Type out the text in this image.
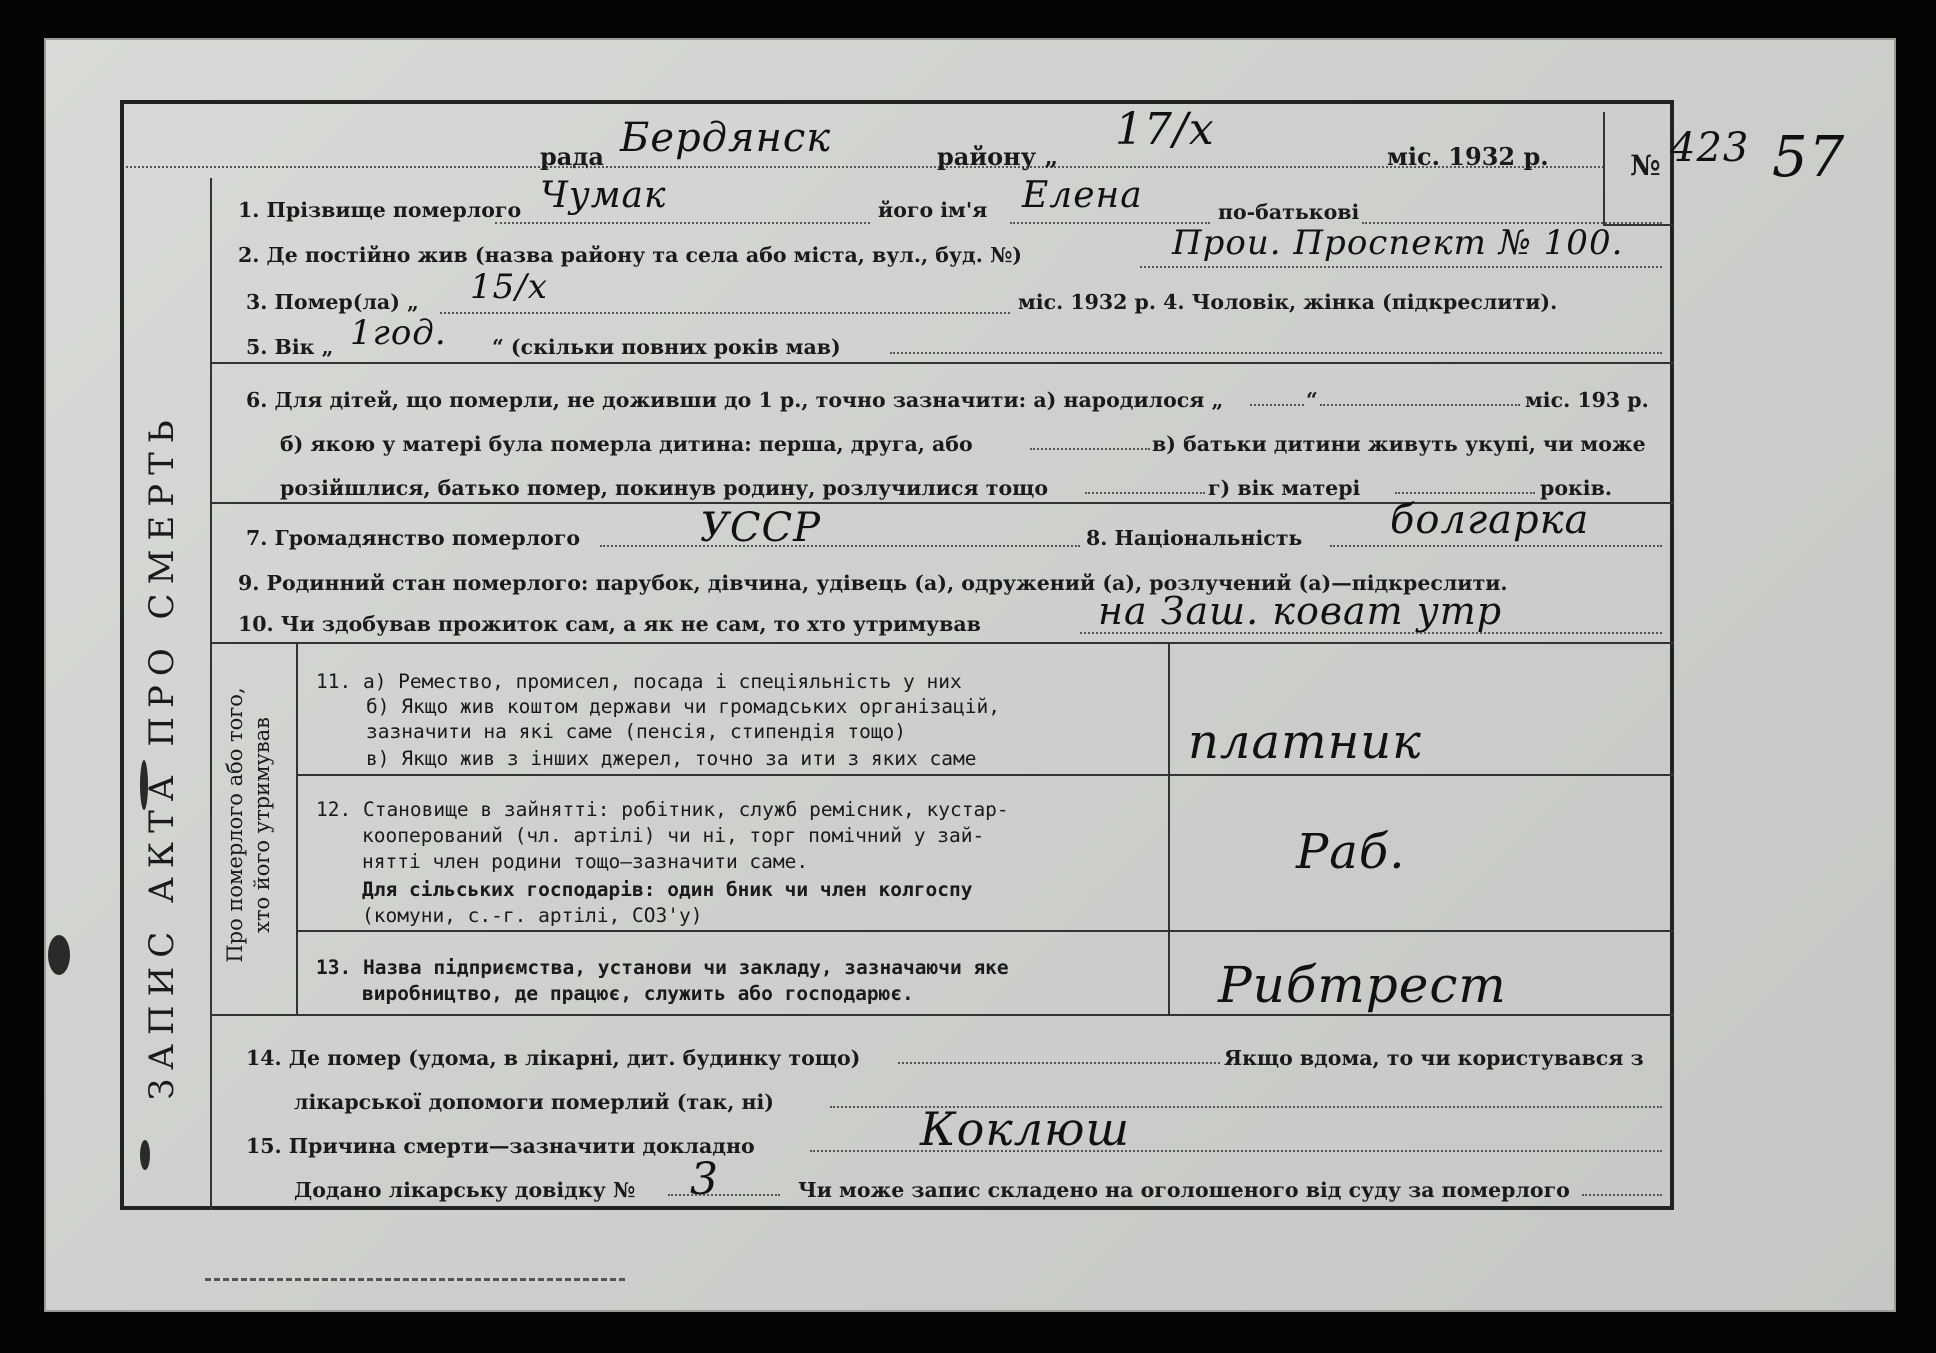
ЗАПИС АКТА ПРО СМЕРТЬ Про померлого або того, хто його утримував
рада Бердянск	району „
17/x
міс. 1932 р.	№ 423 57
1. Прізвище померлого Чумак	його ім'я Елена	по-батькові
2. Де постійно жив (назва району та села або міста, вул., буд. №)	Прои. Проспект № 100.
3. Помер(ла) „ 15/x	міс. 1932 р. 4. Чоловік, жінка (підкреслити).
5. Вік „ 1год. “ (скільки повних років мав)
6. Для дітей, що померли, не доживши до 1 р., точно зазначити: а) народилося „	“	міс. 193 р.
б) якою у матері була померла дитина: перша, друга, або	в) батьки дитини живуть укупі, чи може
розійшлися, батько помер, покинув родину, розлучилися тощо	г) вік матері	років.
7. Громадянство померлого	УССР	8. Національність болгарка
9. Родинний стан померлого: парубок, дівчина, удівець (а), одружений (а), розлучений (а)—підкреслити.
10. Чи здобував прожиток сам, а як не сам, то хто утримував	на Заш. коват утр
11. а) Ремество, промисел, посада і спеціяльність у них
б) Якщо жив коштом держави чи громадських організацій,
зазначити на які саме (пенсія, стипендія тощо)
в) Якщо жив з інших джерел, точно за ити з яких саме	платник
12. Становище в зайнятті: робітник, служб ремісник, кустар-
кооперований (чл. артілі) чи ні, торг помічний у зай-
нятті член родини тощо—зазначити саме.
Для сільських господарів: один бник чи член колгоспу
(комуни, с.-г. артілі, СОЗ'у)
Раб.
13. Назва підприємства, установи чи закладу, зазначаючи яке
виробництво, де працює, служить або господарює.	Рибтрест
14. Де помер (удома, в лікарні, дит. будинку тощо)	Якщо вдома, то чи користувався з
лікарської допомоги померлий (так, ні)
15. Причина смерти—зазначити докладно	Коклюш
Додано лікарську довідку № 3	Чи може запис складено на оголошеного від суду за померлого
